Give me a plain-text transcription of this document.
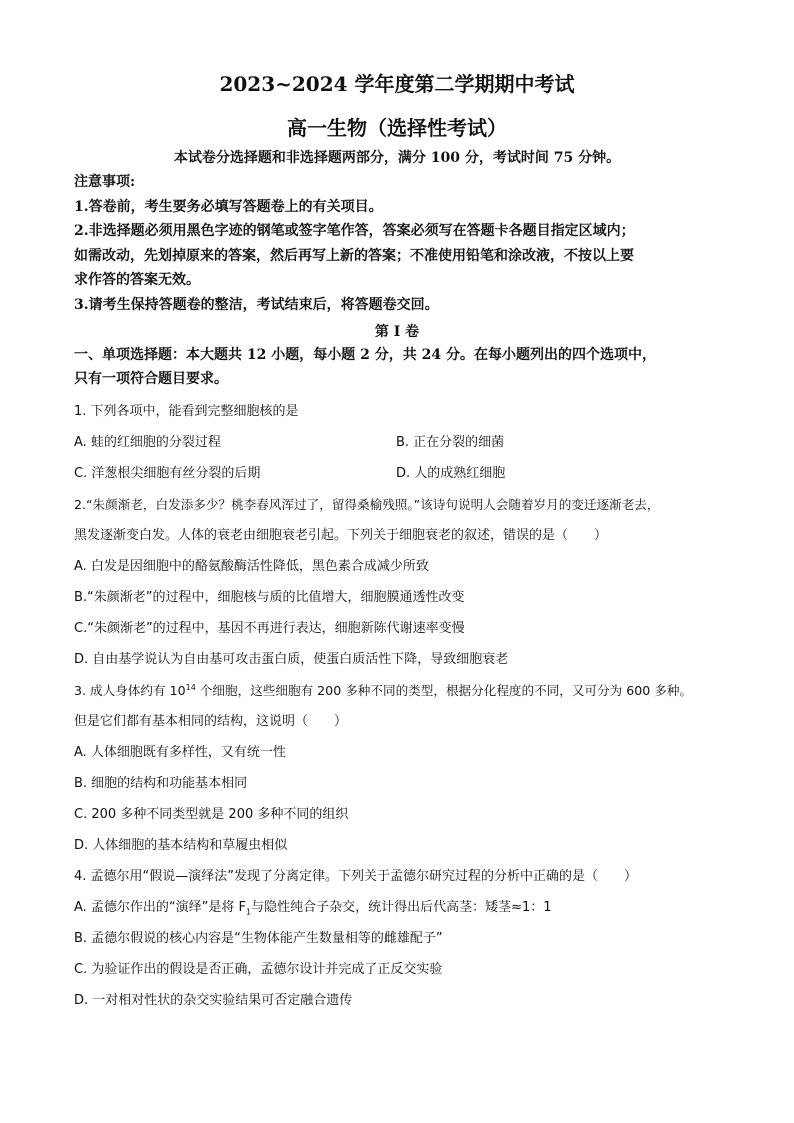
2023~2024 学年度第二学期期中考试
高一生物（选择性考试）
本试卷分选择题和非选择题两部分，满分 100 分，考试时间 75 分钟。

注意事项:

1.答卷前，考生要务必填写答题卷上的有关项目。

2.非选择题必须用黑色字迹的钢笔或签字笔作答，答案必须写在答题卡各题目指定区域内；

如需改动，先划掉原来的答案，然后再写上新的答案；不准使用铅笔和涂改液，不按以上要

求作答的答案无效。

3.请考生保持答题卷的整洁，考试结束后，将答题卷交回。

第 I 卷
一、单项选择题：本大题共 12 小题，每小题 2 分，共 24 分。在每小题列出的四个选项中，
只有一项符合题目要求。
1. 下列各项中，能看到完整细胞核的是
A. 蛙的红细胞的分裂过程	B. 正在分裂的细菌
C. 洋葱根尖细胞有丝分裂的后期	D. 人的成熟红细胞
2.“朱颜渐老，白发添多少？桃李春风浑过了，留得桑榆残照。”该诗句说明人会随着岁月的变迁逐渐老去，
黑发逐渐变白发。人体的衰老由细胞衰老引起。下列关于细胞衰老的叙述，错误的是（　　）
A. 白发是因细胞中的酪氨酸酶活性降低，黑色素合成减少所致
B.“朱颜渐老”的过程中，细胞核与质的比值增大，细胞膜通透性改变
C.“朱颜渐老”的过程中，基因不再进行表达，细胞新陈代谢速率变慢
D. 自由基学说认为自由基可攻击蛋白质，使蛋白质活性下降，导致细胞衰老
3. 成人身体约有 $10^{14}$ 个细胞，这些细胞有 200 多种不同的类型，根据分化程度的不同，又可分为 600 多种。
但是它们都有基本相同的结构，这说明（　　）
A. 人体细胞既有多样性，又有统一性
B. 细胞的结构和功能基本相同
C. 200 多种不同类型就是 200 多种不同的组织
D. 人体细胞的基本结构和草履虫相似
4. 孟德尔用“假说—演绎法”发现了分离定律。下列关于孟德尔研究过程的分析中正确的是（　　）
A. 孟德尔作出的“演绎”是将 $F_1$与隐性纯合子杂交，统计得出后代高茎：矮茎≈1：1
B. 孟德尔假说的核心内容是“生物体能产生数量相等的雌雄配子”
C. 为验证作出的假设是否正确，孟德尔设计并完成了正反交实验
D. 一对相对性状的杂交实验结果可否定融合遗传
